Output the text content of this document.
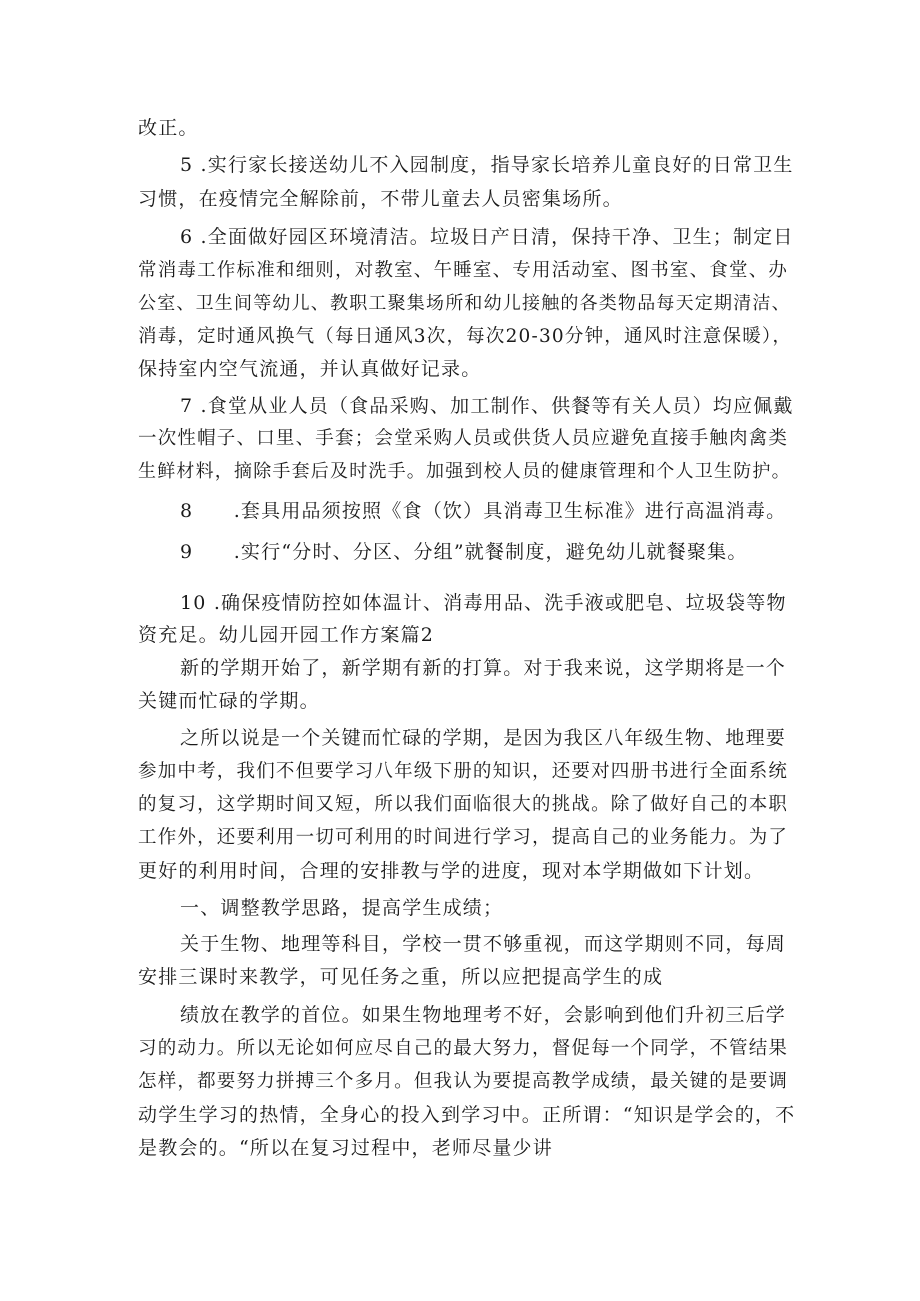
改正。
5 .实行家长接送幼儿不入园制度，指导家长培养儿童良好的日常卫生
习惯，在疫情完全解除前，不带儿童去人员密集场所。
6 .全面做好园区环境清洁。垃圾日产日清，保持干净、卫生；制定日
常消毒工作标准和细则，对教室、午睡室、专用活动室、图书室、食堂、办
公室、卫生间等幼儿、教职工聚集场所和幼儿接触的各类物品每天定期清洁、
消毒，定时通风换气（每日通风3次，每次20-30分钟，通风时注意保暖），
保持室内空气流通，并认真做好记录。
7 .食堂从业人员（食品采购、加工制作、供餐等有关人员）均应佩戴
一次性帽子、口里、手套；会堂采购人员或供货人员应避免直接手触肉禽类
生鲜材料，摘除手套后及时洗手。加强到校人员的健康管理和个人卫生防护。
8　　.套具用品须按照《食（饮）具消毒卫生标准》进行高温消毒。
9　　.实行“分时、分区、分组”就餐制度，避免幼儿就餐聚集。
10 .确保疫情防控如体温计、消毒用品、洗手液或肥皂、垃圾袋等物
资充足。幼儿园开园工作方案篇2
新的学期开始了，新学期有新的打算。对于我来说，这学期将是一个
关键而忙碌的学期。
之所以说是一个关键而忙碌的学期，是因为我区八年级生物、地理要
参加中考，我们不但要学习八年级下册的知识，还要对四册书进行全面系统
的复习，这学期时间又短，所以我们面临很大的挑战。除了做好自己的本职
工作外，还要利用一切可利用的时间进行学习，提高自己的业务能力。为了
更好的利用时间，合理的安排教与学的进度，现对本学期做如下计划。
一、调整教学思路，提高学生成绩；
关于生物、地理等科目，学校一贯不够重视，而这学期则不同，每周
安排三课时来教学，可见任务之重，所以应把提高学生的成
绩放在教学的首位。如果生物地理考不好，会影响到他们升初三后学
习的动力。所以无论如何应尽自己的最大努力，督促每一个同学，不管结果
怎样，都要努力拼搏三个多月。但我认为要提高教学成绩，最关键的是要调
动学生学习的热情，全身心的投入到学习中。正所谓：“知识是学会的，不
是教会的。“所以在复习过程中，老师尽量少讲
